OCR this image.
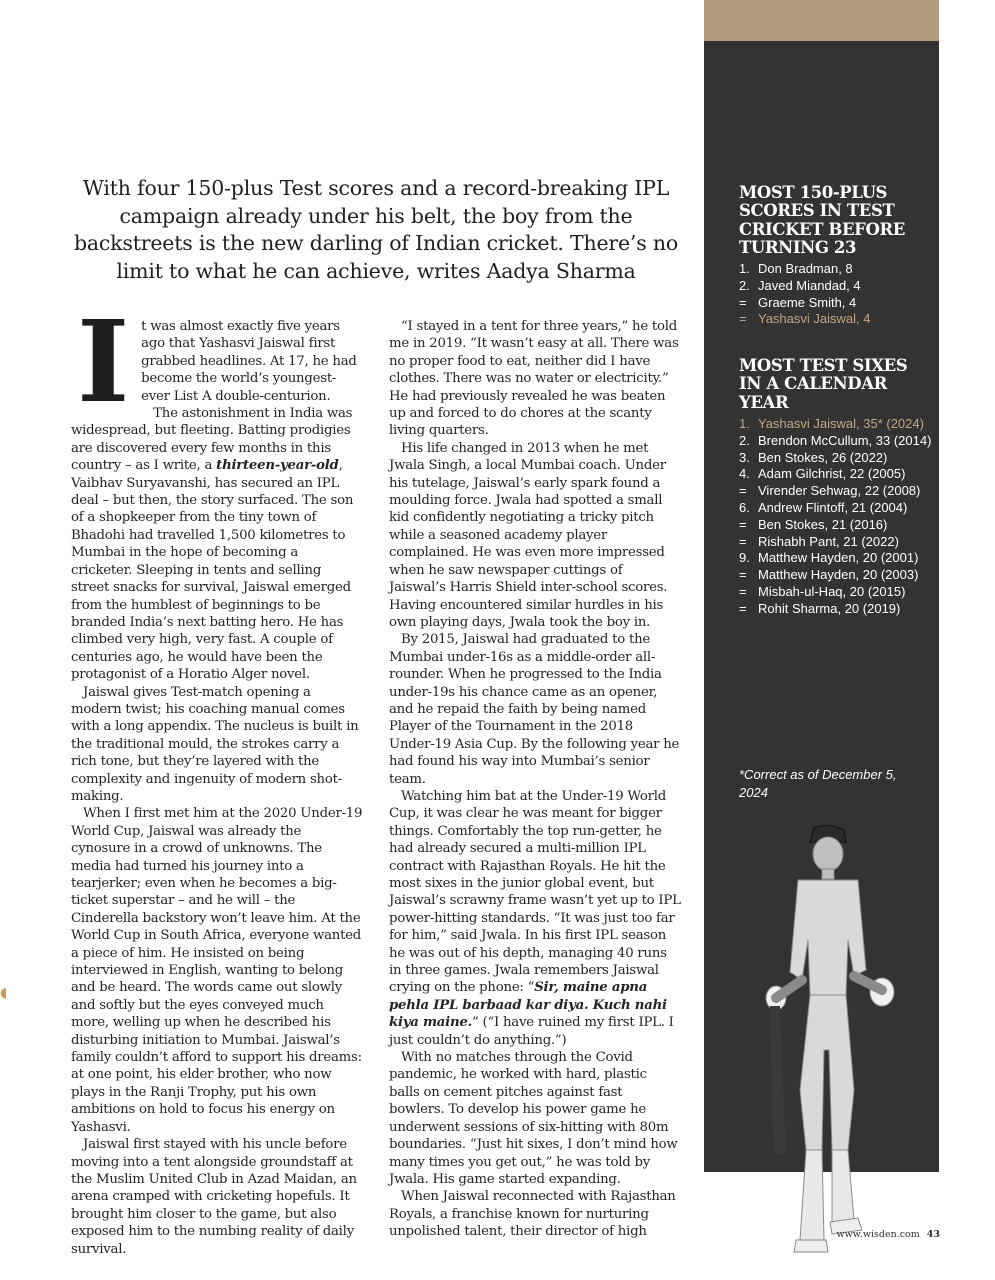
With four 150-plus Test scores and a record-breaking IPL campaign already under his belt, the boy from the backstreets is the new darling of Indian cricket. There’s no limit to what he can achieve, writes Aadya Sharma

It was almost exactly five years ago that Yashasvi Jaiswal first grabbed headlines. At 17, he had become the world’s youngest-ever List A double-centurion.

The astonishment in India was widespread, but fleeting. Batting prodigies are discovered every few months in this country – as I write, a thirteen-year-old, Vaibhav Suryavanshi, has secured an IPL deal – but then, the story surfaced. The son of a shopkeeper from the tiny town of Bhadohi had travelled 1,500 kilometres to Mumbai in the hope of becoming a cricketer. Sleeping in tents and selling street snacks for survival, Jaiswal emerged from the humblest of beginnings to be branded India’s next batting hero. He has climbed very high, very fast. A couple of centuries ago, he would have been the protagonist of a Horatio Alger novel.

Jaiswal gives Test-match opening a modern twist; his coaching manual comes with a long appendix. The nucleus is built in the traditional mould, the strokes carry a rich tone, but they’re layered with the complexity and ingenuity of modern shot-making.

When I first met him at the 2020 Under-19 World Cup, Jaiswal was already the cynosure in a crowd of unknowns. The media had turned his journey into a tearjerker; even when he becomes a big-ticket superstar – and he will – the Cinderella backstory won’t leave him. At the World Cup in South Africa, everyone wanted a piece of him. He insisted on being interviewed in English, wanting to belong and be heard. The words came out slowly and softly but the eyes conveyed much more, welling up when he described his disturbing initiation to Mumbai. Jaiswal’s family couldn’t afford to support his dreams: at one point, his elder brother, who now plays in the Ranji Trophy, put his own ambitions on hold to focus his energy on Yashasvi.

Jaiswal first stayed with his uncle before moving into a tent alongside groundstaff at the Muslim United Club in Azad Maidan, an arena cramped with cricketing hopefuls. It brought him closer to the game, but also exposed him to the numbing reality of daily survival.

“I stayed in a tent for three years,” he told me in 2019. “It wasn’t easy at all. There was no proper food to eat, neither did I have clothes. There was no water or electricity.” He had previously revealed he was beaten up and forced to do chores at the scanty living quarters.

His life changed in 2013 when he met Jwala Singh, a local Mumbai coach. Under his tutelage, Jaiswal’s early spark found a moulding force. Jwala had spotted a small kid confidently negotiating a tricky pitch while a seasoned academy player complained. He was even more impressed when he saw newspaper cuttings of Jaiswal’s Harris Shield inter-school scores. Having encountered similar hurdles in his own playing days, Jwala took the boy in.

By 2015, Jaiswal had graduated to the Mumbai under-16s as a middle-order all-rounder. When he progressed to the India under-19s his chance came as an opener, and he repaid the faith by being named Player of the Tournament in the 2018 Under-19 Asia Cup. By the following year he had found his way into Mumbai’s senior team.

Watching him bat at the Under-19 World Cup, it was clear he was meant for bigger things. Comfortably the top run-getter, he had already secured a multi-million IPL contract with Rajasthan Royals. He hit the most sixes in the junior global event, but Jaiswal’s scrawny frame wasn’t yet up to IPL power-hitting standards. “It was just too far for him,” said Jwala. In his first IPL season he was out of his depth, managing 40 runs in three games. Jwala remembers Jaiswal crying on the phone: “Sir, maine apna pehla IPL barbaad kar diya. Kuch nahi kiya maine.” (“I have ruined my first IPL. I just couldn’t do anything.”)

With no matches through the Covid pandemic, he worked with hard, plastic balls on cement pitches against fast bowlers. To develop his power game he underwent sessions of six-hitting with 80m boundaries. “Just hit sixes, I don’t mind how many times you get out,” he was told by Jwala. His game started expanding.

When Jaiswal reconnected with Rajasthan Royals, a franchise known for nurturing unpolished talent, their director of high

MOST 150-PLUS SCORES IN TEST CRICKET BEFORE TURNING 23
1. Don Bradman, 8
2. Javed Miandad, 4
= Graeme Smith, 4
= Yashasvi Jaiswal, 4
MOST TEST SIXES IN A CALENDAR YEAR
1. Yashasvi Jaiswal, 35* (2024)
2. Brendon McCullum, 33 (2014)
3. Ben Stokes, 26 (2022)
4. Adam Gilchrist, 22 (2005)
= Virender Sehwag, 22 (2008)
6. Andrew Flintoff, 21 (2004)
= Ben Stokes, 21 (2016)
= Rishabh Pant, 21 (2022)
9. Matthew Hayden, 20 (2001)
= Matthew Hayden, 20 (2003)
= Misbah-ul-Haq, 20 (2015)
= Rohit Sharma, 20 (2019)

*Correct as of December 5, 2024

◖
www.wisden.com 43
